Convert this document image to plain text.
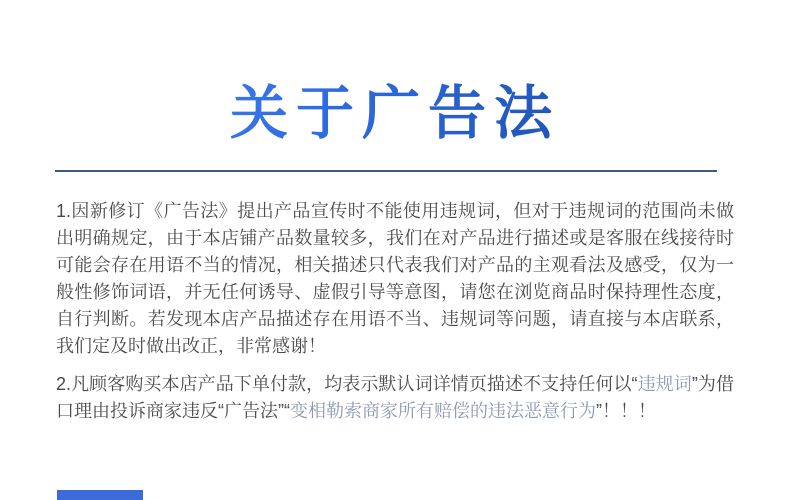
关于广告法

1.因新修订《广告法》提出产品宣传时不能使用违规词，但对于违规词的范围尚未做出明确规定，由于本店铺产品数量较多，我们在对产品进行描述或是客服在线接待时可能会存在用语不当的情况，相关描述只代表我们对产品的主观看法及感受，仅为一般性修饰词语，并无任何诱导、虚假引导等意图，请您在浏览商品时保持理性态度，自行判断。若发现本店产品描述存在用语不当、违规词等问题，请直接与本店联系，我们定及时做出改正，非常感谢！

2.凡顾客购买本店产品下单付款，均表示默认词详情页描述不支持任何以“违规词”为借口理由投诉商家违反“广告法”“变相勒索商家所有赔偿的违法恶意行为”！！！
